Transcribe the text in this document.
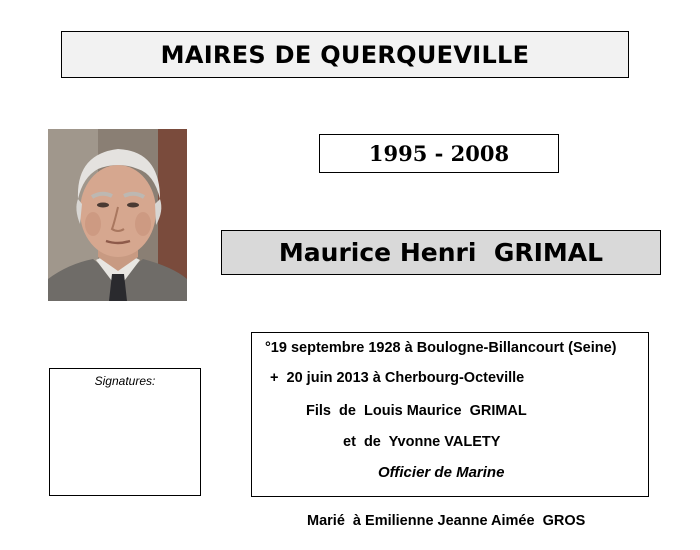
MAIRES DE QUERQUEVILLE
1995 - 2008
Maurice Henri  GRIMAL
Signatures:
°19 septembre 1928 à Boulogne-Billancourt (Seine)
+  20 juin 2013 à Cherbourg-Octeville
Fils  de  Louis Maurice  GRIMAL
et  de  Yvonne VALETY
Officier de Marine
Marié  à Emilienne Jeanne Aimée  GROS
